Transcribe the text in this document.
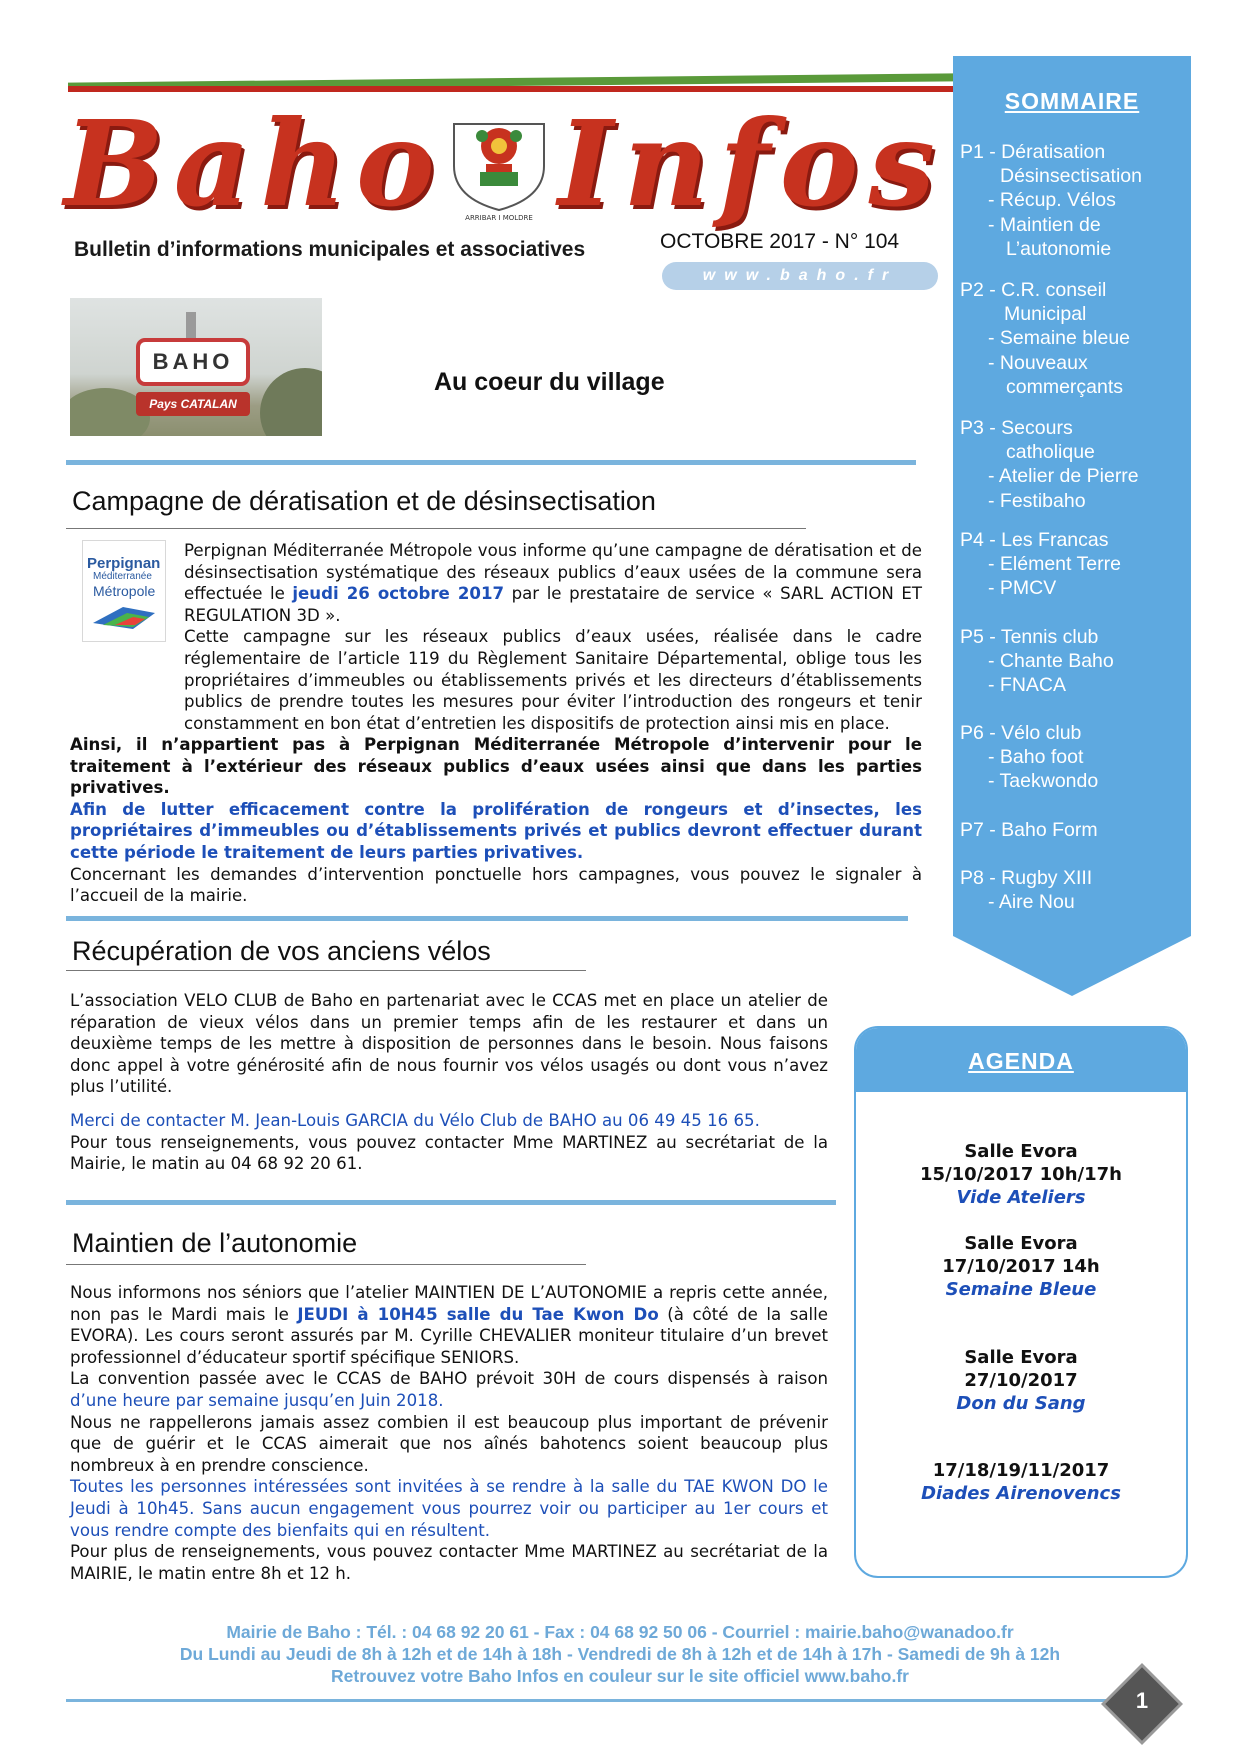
Baho	ARRIBAR I MOLDRE Infos
Bulletin d’informations municipales et associatives	OCTOBRE 2017 - N° 104
www.baho.fr
BAHO
Pays CATALAN
Au coeur du village
Campagne de dératisation et de désinsectisation
Perpignan
Méditerranée
Métropole

Perpignan Méditerranée Métropole vous informe qu’une campagne de dératisation et de désinsectisation systématique des réseaux publics d’eaux usées de la commune sera effectuée le jeudi 26 octobre 2017 par le prestataire de service « SARL ACTION ET REGULATION 3D ».

Cette campagne sur les réseaux publics d’eaux usées, réalisée dans le cadre réglementaire de l’article 119 du Règlement Sanitaire Départemental, oblige tous les propriétaires d’immeubles ou établissements privés et les directeurs d’établissements publics de prendre toutes les mesures pour éviter l’introduction des rongeurs et tenir constamment en bon état d’entretien les dispositifs de protection ainsi mis en place.

Ainsi, il n’appartient pas à Perpignan Méditerranée Métropole d’intervenir pour le traitement à l’extérieur des réseaux publics d’eaux usées ainsi que dans les parties privatives.

Afin de lutter efficacement contre la prolifération de rongeurs et d’insectes, les propriétaires d’immeubles ou d’établissements privés et publics devront effectuer durant cette période le traitement de leurs parties privatives.

Concernant les demandes d’intervention ponctuelle hors campagnes, vous pouvez le signaler à l’accueil de la mairie.

Récupération de vos anciens vélos

L’association VELO CLUB de Baho en partenariat avec le CCAS met en place un atelier de réparation de vieux vélos dans un premier temps afin de les restaurer et dans un deuxième temps de les mettre à disposition de personnes dans le besoin. Nous faisons donc appel à votre générosité afin de nous fournir vos vélos usagés ou dont vous n’avez plus l’utilité.

Merci de contacter M. Jean-Louis GARCIA du Vélo Club de BAHO au 06 49 45 16 65.

Pour tous renseignements, vous pouvez contacter Mme MARTINEZ au secrétariat de la Mairie, le matin au 04 68 92 20 61.

Maintien de l’autonomie

Nous informons nos séniors que l’atelier MAINTIEN DE L’AUTONOMIE a repris cette année, non pas le Mardi mais le JEUDI à 10H45 salle du Tae Kwon Do (à côté de la salle EVORA). Les cours seront assurés par M. Cyrille CHEVALIER moniteur titulaire d’un brevet professionnel d’éducateur sportif spécifique SENIORS.

La convention passée avec le CCAS de BAHO prévoit 30H de cours dispensés à raison d’une heure par semaine jusqu’en Juin 2018.

Nous ne rappellerons jamais assez combien il est beaucoup plus important de prévenir que de guérir et le CCAS aimerait que nos aînés bahotencs soient beaucoup plus nombreux à en prendre conscience.

Toutes les personnes intéressées sont invitées à se rendre à la salle du TAE KWON DO le Jeudi à 10h45. Sans aucun engagement vous pourrez voir ou participer au 1er cours et vous rendre compte des bienfaits qui en résultent.

Pour plus de renseignements, vous pouvez contacter Mme MARTINEZ au secrétariat de la MAIRIE, le matin entre 8h et 12 h.

SOMMAIRE
P1 - Dératisation
Désinsectisation
- Récup. Vélos
- Maintien de
L’autonomie
P2 - C.R. conseil
Municipal
- Semaine bleue
- Nouveaux
commerçants
P3 - Secours
catholique
- Atelier de Pierre
- Festibaho
P4 - Les Francas
- Elément Terre
- PMCV
P5 - Tennis club
- Chante Baho
- FNACA
P6 - Vélo club
- Baho foot
- Taekwondo
P7 - Baho Form
P8 - Rugby XIII
- Aire Nou
AGENDA
Salle Evora
15/10/2017 10h/17h
Vide Ateliers
Salle Evora
17/10/2017 14h
Semaine Bleue
Salle Evora
27/10/2017
Don du Sang
17/18/19/11/2017
Diades Airenovencs
Mairie de Baho : Tél. : 04 68 92 20 61 - Fax : 04 68 92 50 06 - Courriel : mairie.baho@wanadoo.fr
Du Lundi au Jeudi de 8h à 12h et de 14h à 18h - Vendredi de 8h à 12h et de 14h à 17h - Samedi de 9h à 12h
Retrouvez votre Baho Infos en couleur sur le site officiel www.baho.fr
1
